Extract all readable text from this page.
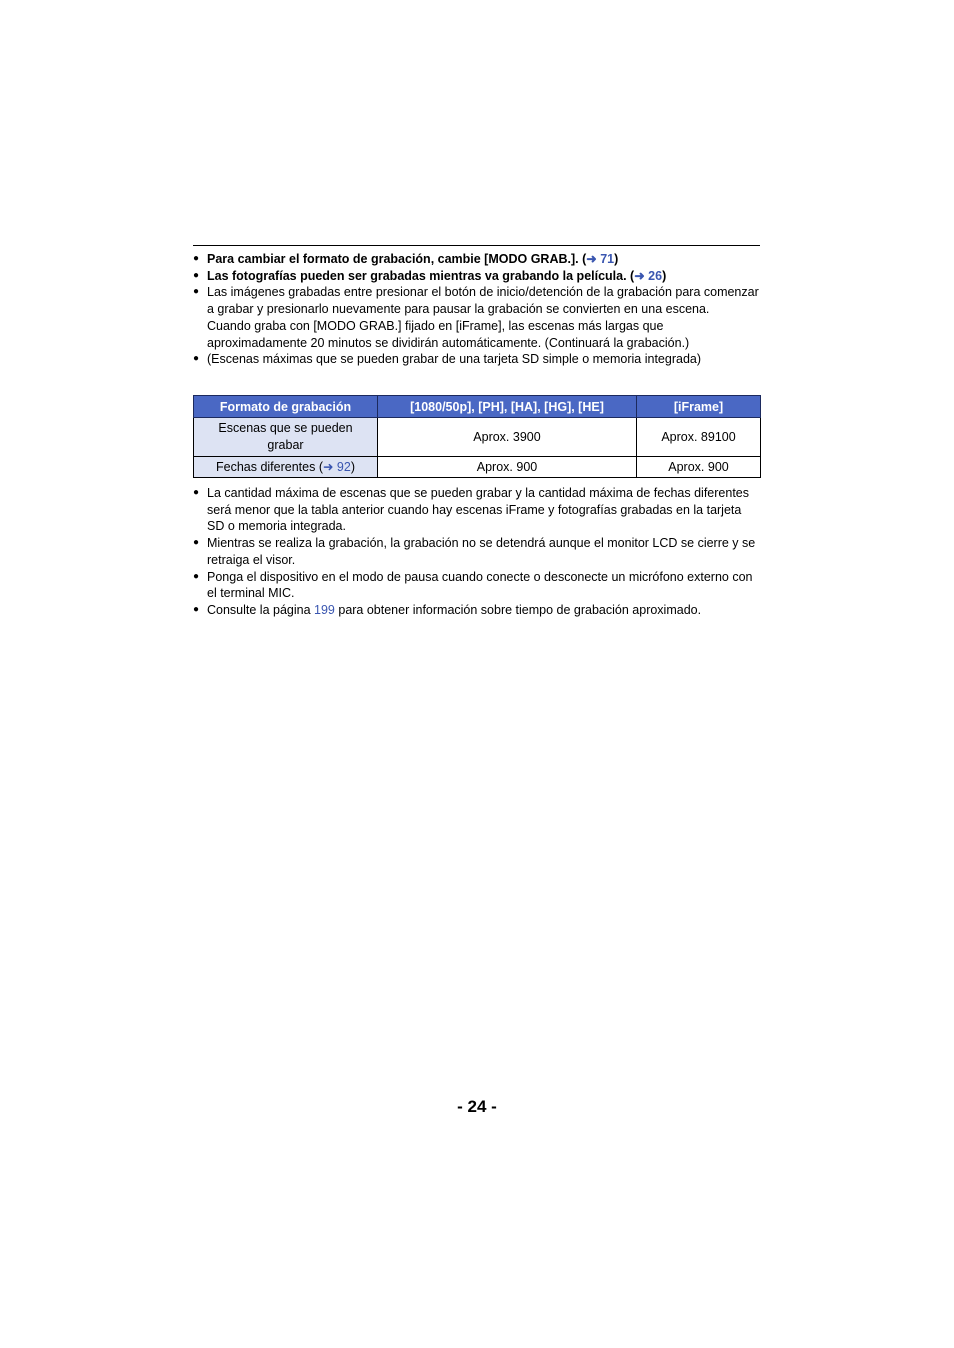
● Para cambiar el formato de grabación, cambie [MODO GRAB.]. (➜ 71)
● Las fotografías pueden ser grabadas mientras va grabando la película. (➜ 26)
● Las imágenes grabadas entre presionar el botón de inicio/detención de la grabación para comenzar a grabar y presionarlo nuevamente para pausar la grabación se convierten en una escena.
Cuando graba con [MODO GRAB.] fijado en [iFrame], las escenas más largas que aproximadamente 20 minutos se dividirán automáticamente. (Continuará la grabación.)
● (Escenas máximas que se pueden grabar de una tarjeta SD simple o memoria integrada)
Formato de grabación	[1080/50p], [PH], [HA], [HG], [HE]	[iFrame]
Escenas que se pueden grabar	Aprox. 3900	Aprox. 89100
Fechas diferentes (➜ 92)	Aprox. 900	Aprox. 900
● La cantidad máxima de escenas que se pueden grabar y la cantidad máxima de fechas diferentes será menor que la tabla anterior cuando hay escenas iFrame y fotografías grabadas en la tarjeta SD o memoria integrada.
● Mientras se realiza la grabación, la grabación no se detendrá aunque el monitor LCD se cierre y se retraiga el visor.
● Ponga el dispositivo en el modo de pausa cuando conecte o desconecte un micrófono externo con el terminal MIC.
● Consulte la página 199 para obtener información sobre tiempo de grabación aproximado.
- 24 -
